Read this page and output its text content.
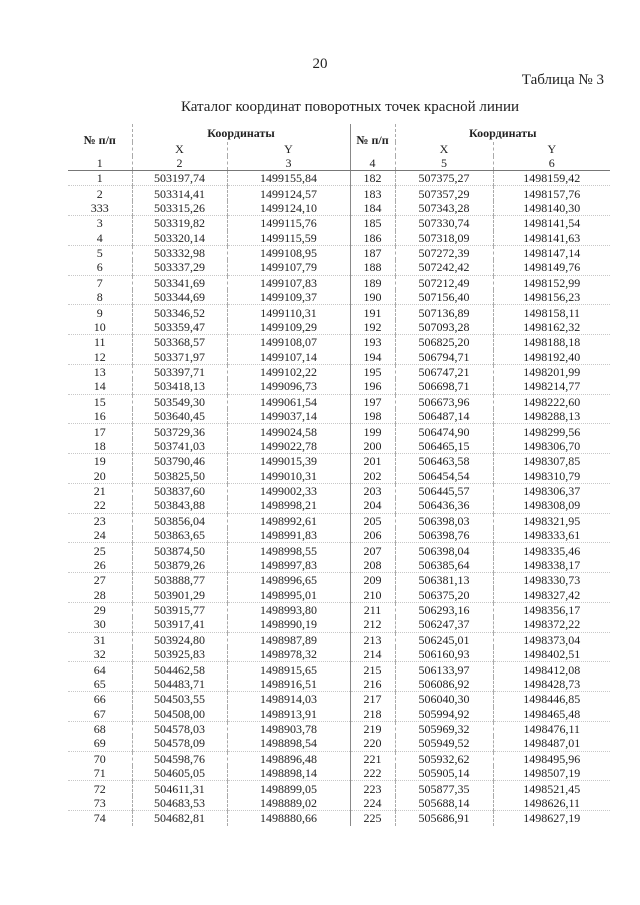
20
Таблица № 3
Каталог координат поворотных точек красной линии
№ п/п	Координаты		№ п/п	Координаты	
	X	Y		X	Y
1	2	3	4	5	6
1	503197,74	1499155,84	182	507375,27	1498159,42
2	503314,41	1499124,57	183	507357,29	1498157,76
333	503315,26	1499124,10	184	507343,28	1498140,30
3	503319,82	1499115,76	185	507330,74	1498141,54
4	503320,14	1499115,59	186	507318,09	1498141,63
5	503332,98	1499108,95	187	507272,39	1498147,14
6	503337,29	1499107,79	188	507242,42	1498149,76
7	503341,69	1499107,83	189	507212,49	1498152,99
8	503344,69	1499109,37	190	507156,40	1498156,23
9	503346,52	1499110,31	191	507136,89	1498158,11
10	503359,47	1499109,29	192	507093,28	1498162,32
11	503368,57	1499108,07	193	506825,20	1498188,18
12	503371,97	1499107,14	194	506794,71	1498192,40
13	503397,71	1499102,22	195	506747,21	1498201,99
14	503418,13	1499096,73	196	506698,71	1498214,77
15	503549,30	1499061,54	197	506673,96	1498222,60
16	503640,45	1499037,14	198	506487,14	1498288,13
17	503729,36	1499024,58	199	506474,90	1498299,56
18	503741,03	1499022,78	200	506465,15	1498306,70
19	503790,46	1499015,39	201	506463,58	1498307,85
20	503825,50	1499010,31	202	506454,54	1498310,79
21	503837,60	1499002,33	203	506445,57	1498306,37
22	503843,88	1498998,21	204	506436,36	1498308,09
23	503856,04	1498992,61	205	506398,03	1498321,95
24	503863,65	1498991,83	206	506398,76	1498333,61
25	503874,50	1498998,55	207	506398,04	1498335,46
26	503879,26	1498997,83	208	506385,64	1498338,17
27	503888,77	1498996,65	209	506381,13	1498330,73
28	503901,29	1498995,01	210	506375,20	1498327,42
29	503915,77	1498993,80	211	506293,16	1498356,17
30	503917,41	1498990,19	212	506247,37	1498372,22
31	503924,80	1498987,89	213	506245,01	1498373,04
32	503925,83	1498978,32	214	506160,93	1498402,51
64	504462,58	1498915,65	215	506133,97	1498412,08
65	504483,71	1498916,51	216	506086,92	1498428,73
66	504503,55	1498914,03	217	506040,30	1498446,85
67	504508,00	1498913,91	218	505994,92	1498465,48
68	504578,03	1498903,78	219	505969,32	1498476,11
69	504578,09	1498898,54	220	505949,52	1498487,01
70	504598,76	1498896,48	221	505932,62	1498495,96
71	504605,05	1498898,14	222	505905,14	1498507,19
72	504611,31	1498899,05	223	505877,35	1498521,45
73	504683,53	1498889,02	224	505688,14	1498626,11
74	504682,81	1498880,66	225	505686,91	1498627,19
